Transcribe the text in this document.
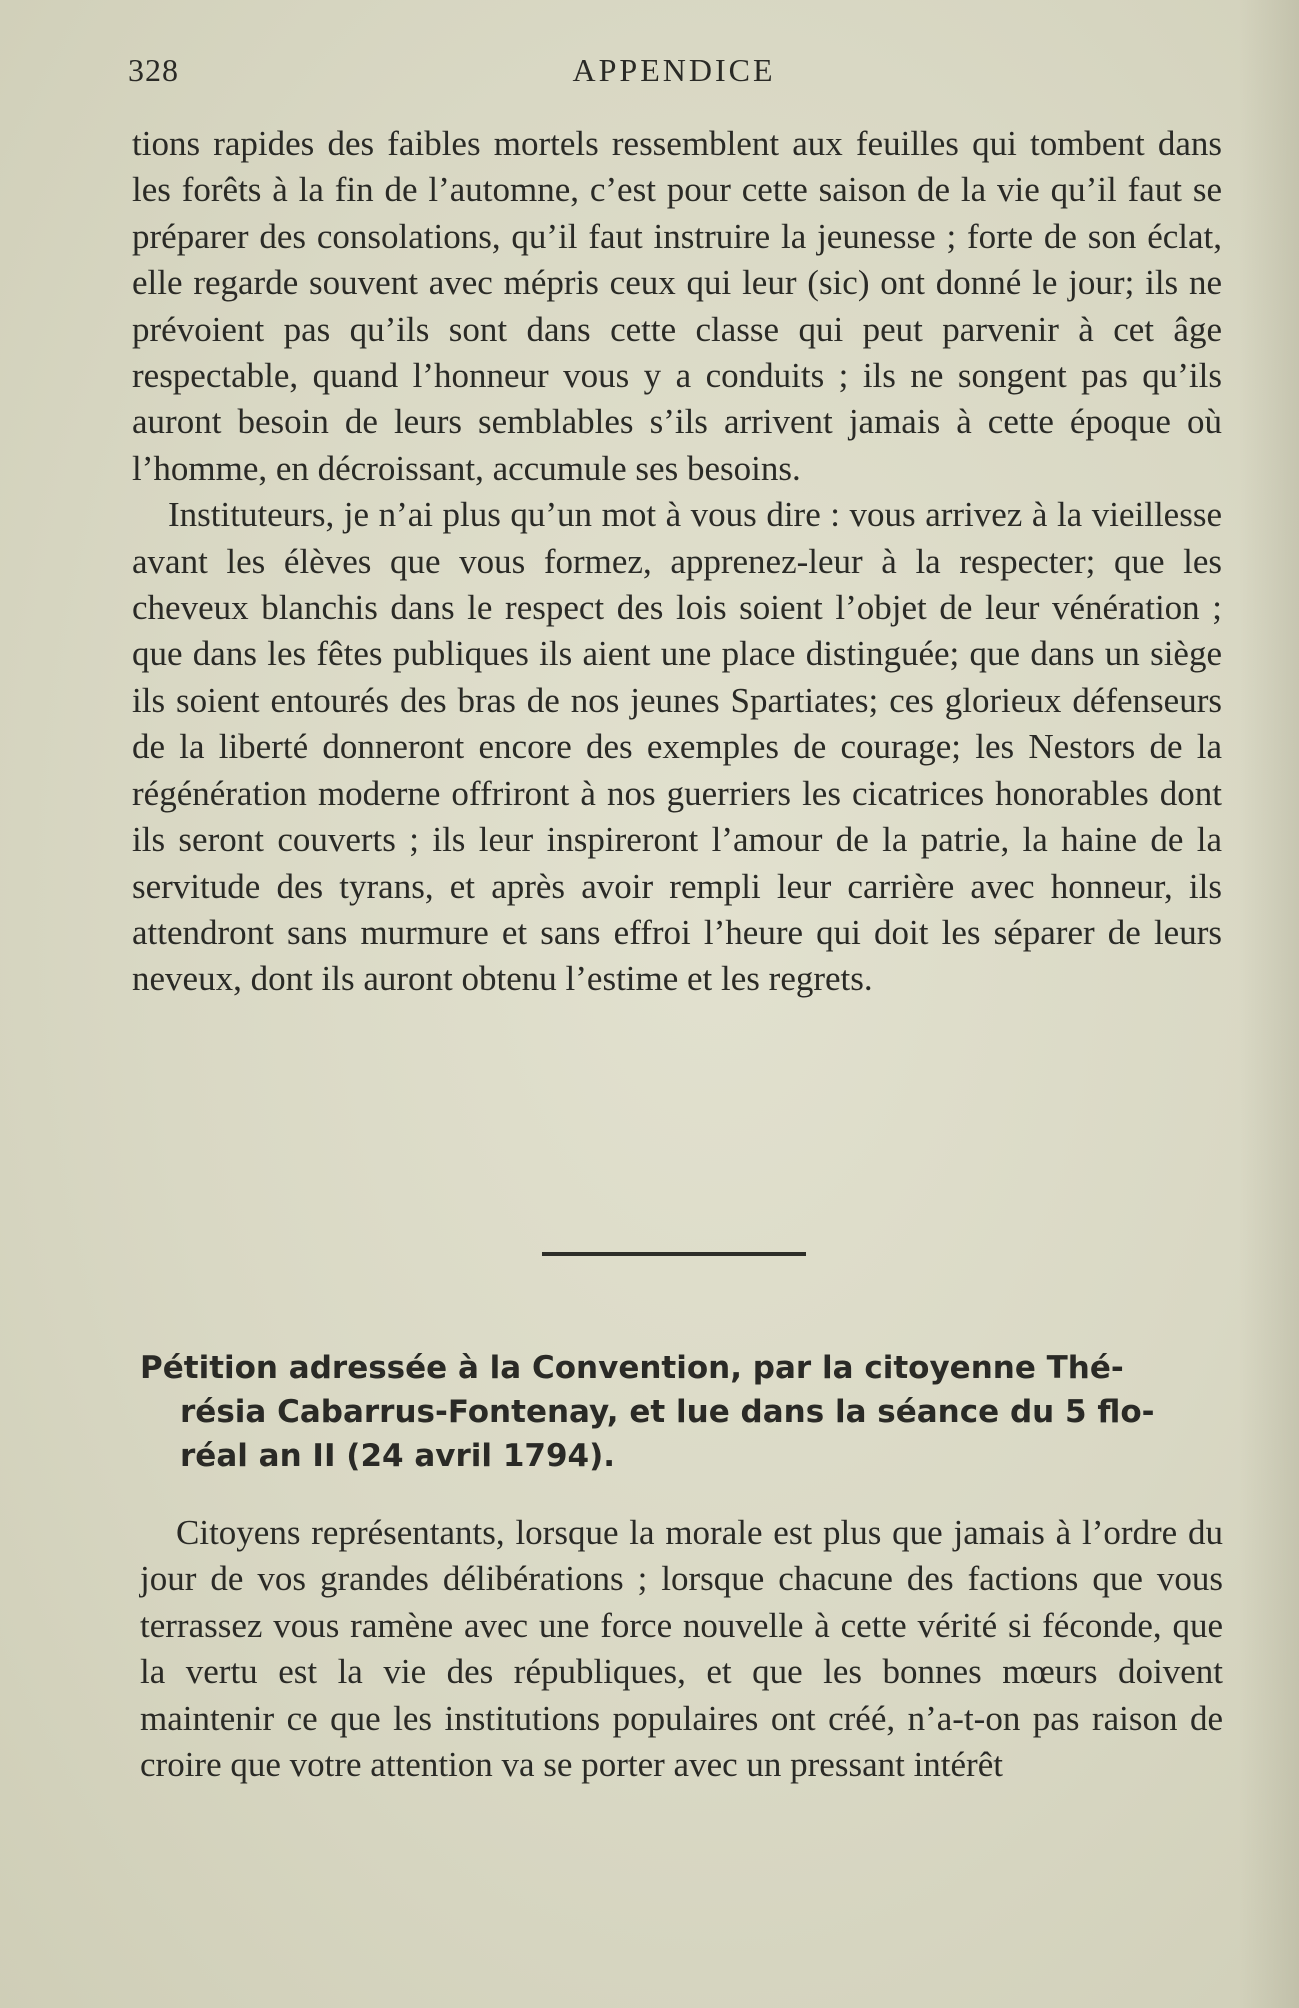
328	APPENDICE

tions rapides des faibles mortels ressemblent aux feuilles qui tombent dans les forêts à la fin de l’automne, c’est pour cette saison de la vie qu’il faut se préparer des consolations, qu’il faut instruire la jeunesse ; forte de son éclat, elle regarde souvent avec mépris ceux qui leur (sic) ont donné le jour; ils ne prévoient pas qu’ils sont dans cette classe qui peut parvenir à cet âge respectable, quand l’honneur vous y a conduits ; ils ne songent pas qu’ils auront besoin de leurs semblables s’ils arrivent jamais à cette époque où l’homme, en décroissant, accumule ses besoins.

Instituteurs, je n’ai plus qu’un mot à vous dire : vous arrivez à la vieillesse avant les élèves que vous formez, apprenez-leur à la respecter; que les cheveux blanchis dans le respect des lois soient l’objet de leur vénération ; que dans les fêtes publiques ils aient une place distinguée; que dans un siège ils soient entourés des bras de nos jeunes Spartiates; ces glorieux défenseurs de la liberté donneront encore des exemples de courage; les Nestors de la régénération moderne offriront à nos guerriers les cicatrices honorables dont ils seront couverts ; ils leur inspireront l’amour de la patrie, la haine de la servitude des tyrans, et après avoir rempli leur carrière avec honneur, ils attendront sans murmure et sans effroi l’heure qui doit les séparer de leurs neveux, dont ils auront obtenu l’estime et les regrets.

Pétition adressée à la Convention, par la citoyenne Thé-
résia Cabarrus-Fontenay, et lue dans la séance du 5 flo-
réal an II (24 avril 1794).

Citoyens représentants, lorsque la morale est plus que jamais à l’ordre du jour de vos grandes délibérations ; lorsque chacune des factions que vous terrassez vous ramène avec une force nouvelle à cette vérité si féconde, que la vertu est la vie des républiques, et que les bonnes mœurs doivent maintenir ce que les institutions populaires ont créé, n’a-t-on pas raison de croire que votre attention va se porter avec un pressant intérêt
